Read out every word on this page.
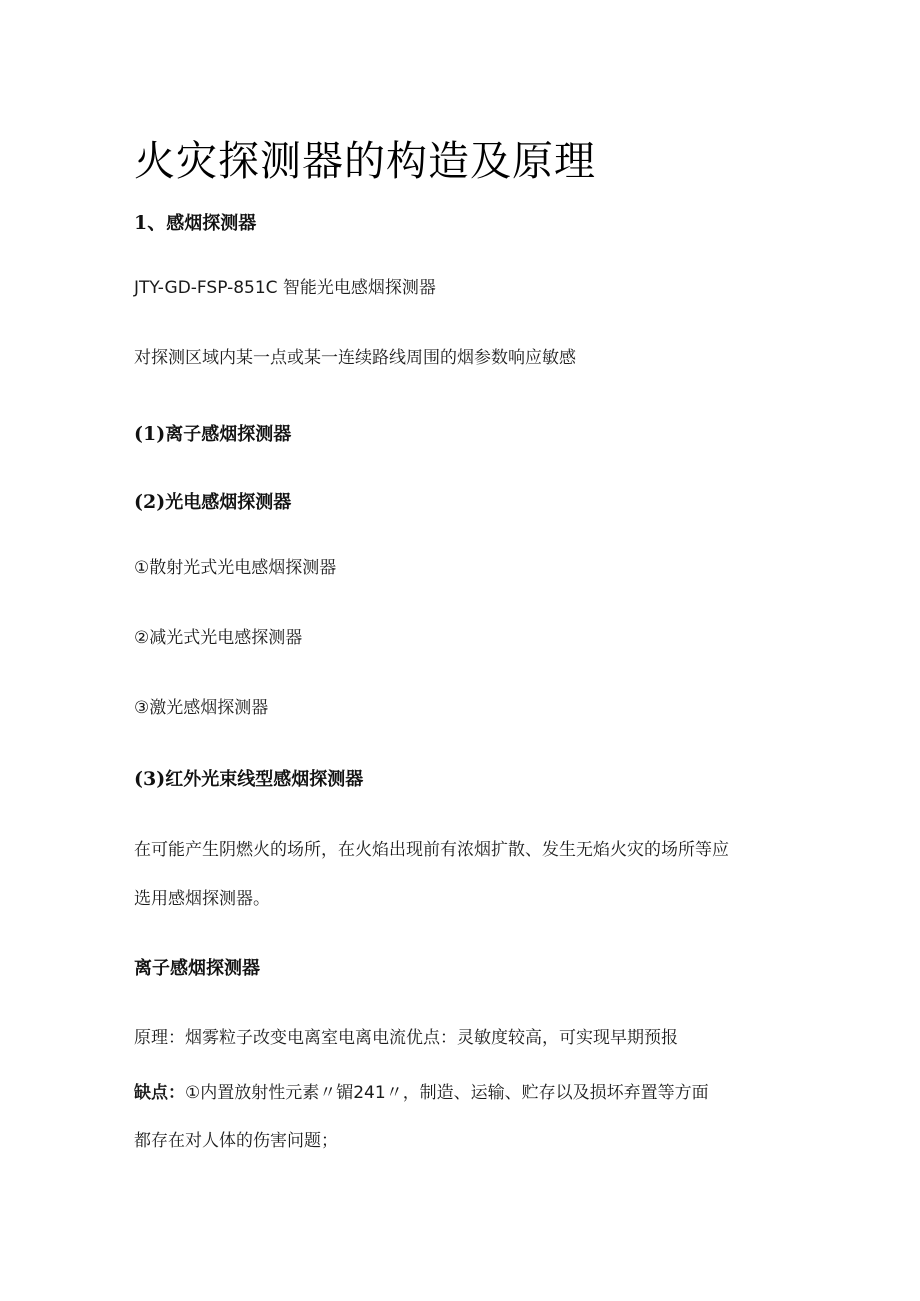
火灾探测器的构造及原理
1、感烟探测器
JTY-GD-FSP-851C 智能光电感烟探测器
对探测区域内某一点或某一连续路线周围的烟参数响应敏感
(1)离子感烟探测器
(2)光电感烟探测器
①散射光式光电感烟探测器
②减光式光电感探测器
③激光感烟探测器
(3)红外光束线型感烟探测器
在可能产生阴燃火的场所，在火焰出现前有浓烟扩散、发生无焰火灾的场所等应
选用感烟探测器。
离子感烟探测器
原理：烟雾粒子改变电离室电离电流优点：灵敏度较高，可实现早期预报
缺点：①内置放射性元素〃镅241〃，制造、运输、贮存以及损坏弃置等方面
都存在对人体的伤害问题；
